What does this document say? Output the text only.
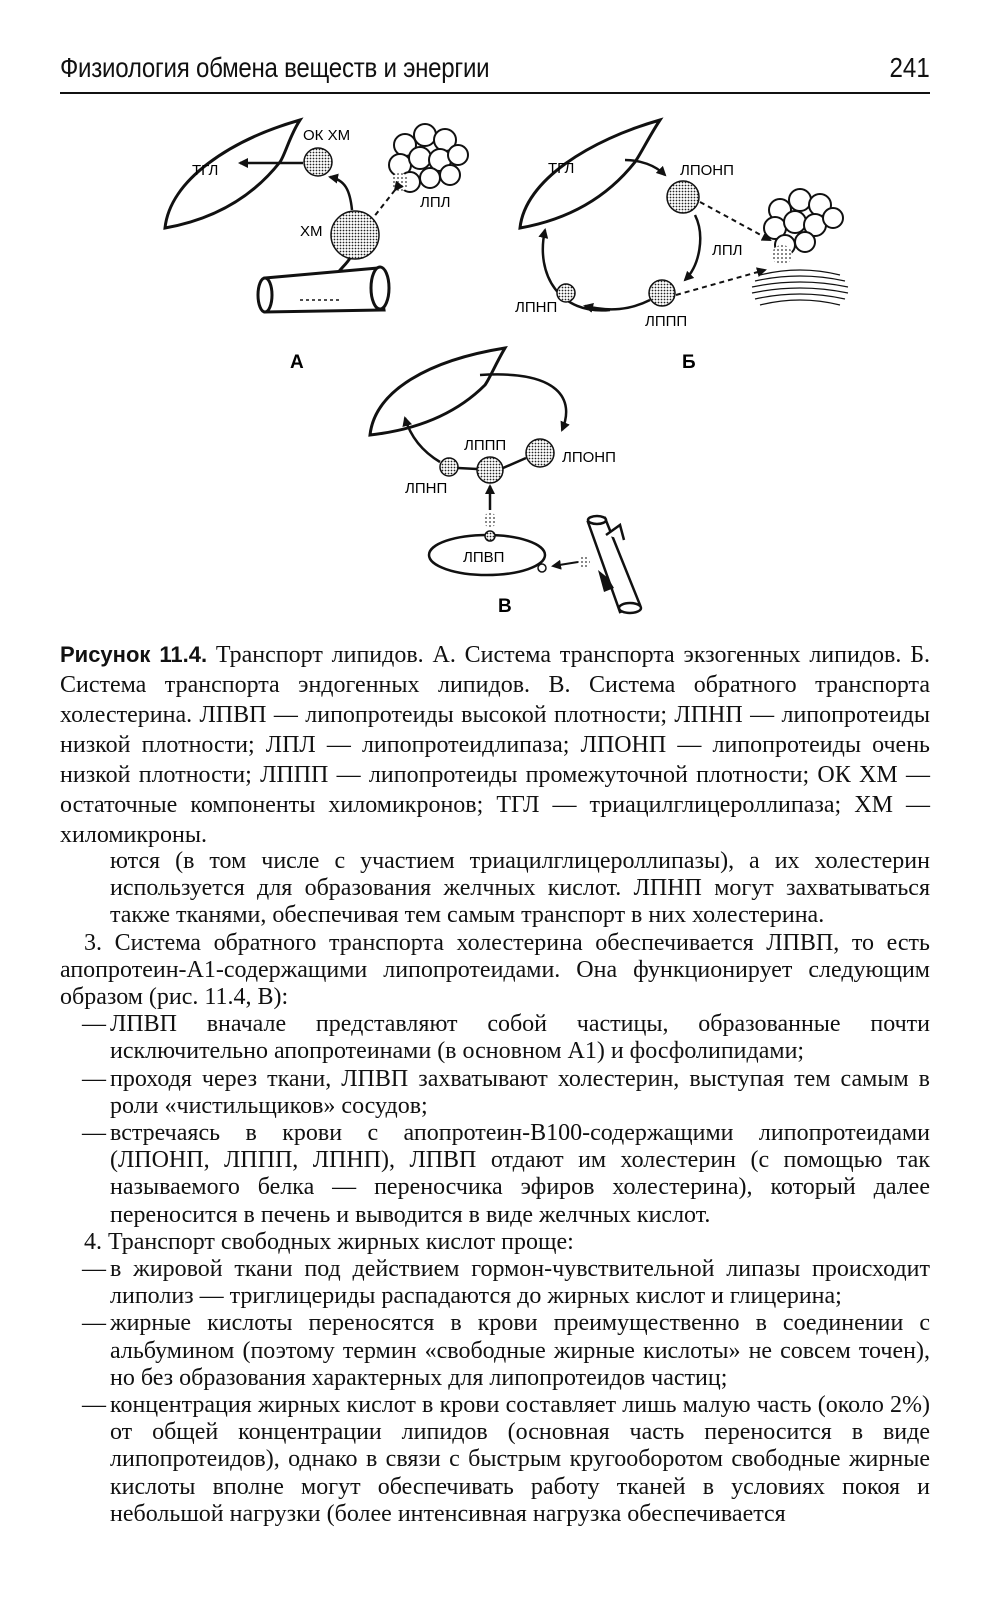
Физиология обмена веществ и энергии	241
ОК ХМ
ТГЛ
ХМ
ЛПЛ
А
ТГЛ	ЛПОНП
ЛПЛ
ЛПНП
ЛППП
Б
ЛППП
ЛПОНП
ЛПНП
ЛПВП
В
Рисунок 11.4. Транспорт липидов. А. Система транспорта экзогенных липидов. Б. Система транспорта эндогенных липидов. В. Система обратного транспорта холестерина. ЛПВП — липопротеиды высокой плотности; ЛПНП — липопротеиды низкой плотности; ЛПЛ — липопротеидлипаза; ЛПОНП — липопротеиды очень низкой плотности; ЛППП — липопротеиды промежуточной плотности; ОК ХМ — остаточные компоненты хиломикронов; ТГЛ — триацилглицероллипаза; ХМ —хиломикроны.

ются (в том числе с участием триацилглицероллипазы), а их холестерин используется для образования желчных кислот. ЛПНП могут захватываться также тканями, обеспечивая тем самым транспорт в них холестерина.

3. Система обратного транспорта холестерина обеспечивается ЛПВП, то есть апопротеин-А1-содержащими липопротеидами. Она функционирует следующим образом (рис. 11.4, В):

— ЛПВП вначале представляют собой частицы, образованные почти исключительно апопротеинами (в основном А1) и фосфолипидами;
— проходя через ткани, ЛПВП захватывают холестерин, выступая тем самым в роли «чистильщиков» сосудов;
— встречаясь в крови с апопротеин-В100-содержащими липопротеидами (ЛПОНП, ЛППП, ЛПНП), ЛПВП отдают им холестерин (с помощью так называемого белка — переносчика эфиров холестерина), который далее переносится в печень и выводится в виде желчных кислот.

4. Транспорт свободных жирных кислот проще:

— в жировой ткани под действием гормон-чувствительной липазы происходит липолиз — триглицериды распадаются до жирных кислот и глицерина;
— жирные кислоты переносятся в крови преимущественно в соединении с альбумином (поэтому термин «свободные жирные кислоты» не совсем точен), но без образования характерных для липопротеидов частиц;
— концентрация жирных кислот в крови составляет лишь малую часть (около 2%) от общей концентрации липидов (основная часть переносится в виде липопротеидов), однако в связи с быстрым кругооборотом свободные жирные кислоты вполне могут обеспечивать работу тканей в условиях покоя и небольшой нагрузки (более интенсивная нагрузка обеспечивается
